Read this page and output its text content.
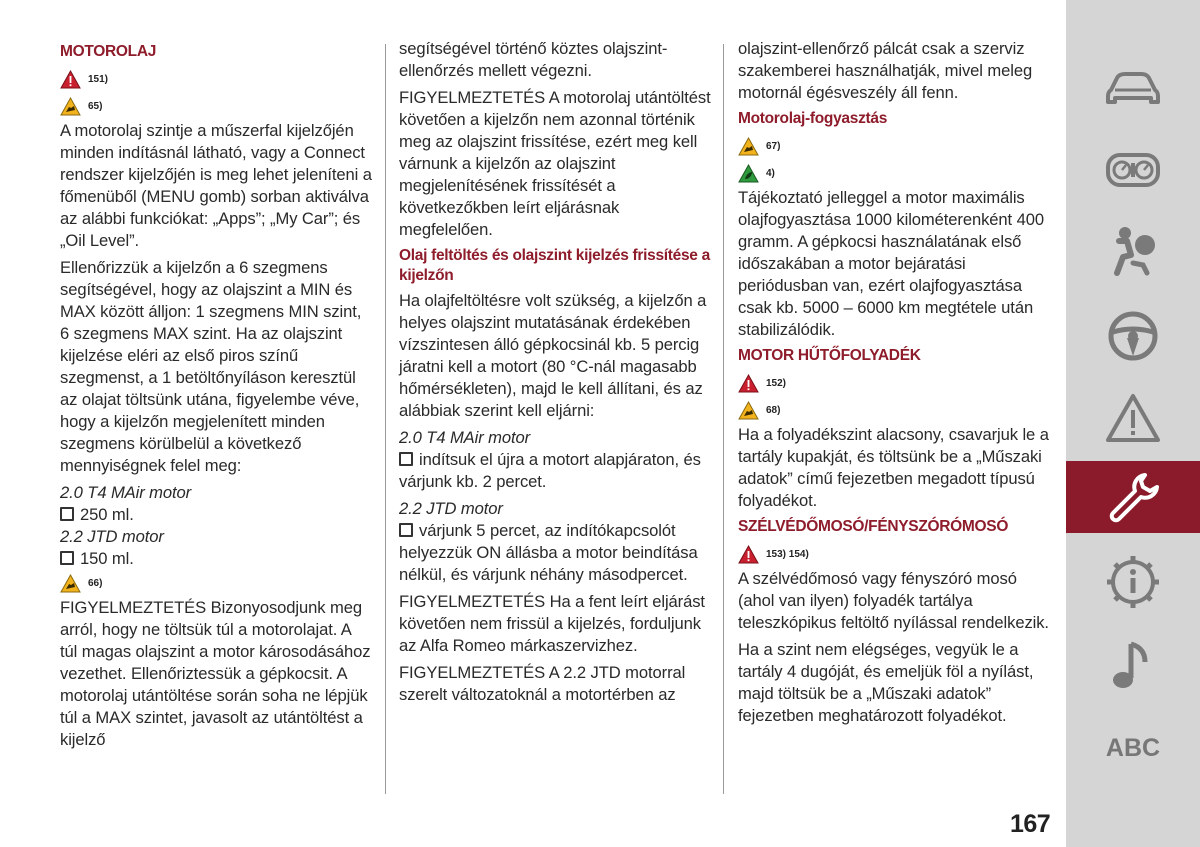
MOTOROLAJ
151)
65)

A motorolaj szintje a műszerfal kijelzőjén minden indításnál látható, vagy a Connect rendszer kijelzőjén is meg lehet jeleníteni a főmenüből (MENU gomb) sorban aktiválva az alábbi funkciókat: „Apps”; „My Car”; és „Oil Level”.

Ellenőrizzük a kijelzőn a 6 szegmens segítségével, hogy az olajszint a MIN és MAX között álljon: 1 szegmens MIN szint, 6 szegmens MAX szint. Ha az olajszint kijelzése eléri az első piros színű szegmenst, a 1 betöltőnyíláson keresztül az olajat töltsünk utána, figyelembe véve, hogy a kijelzőn megjelenített minden szegmens körülbelül a következő mennyiségnek felel meg:

2.0 T4 MAir motor

250 ml.

2.2 JTD motor

150 ml.

66)

FIGYELMEZTETÉS Bizonyosodjunk meg arról, hogy ne töltsük túl a motorolajat. A túl magas olajszint a motor károsodásához vezethet. Ellenőriztessük a gépkocsit. A motorolaj utántöltése során soha ne lépjük túl a MAX szintet, javasolt az utántöltést a kijelző

segítségével történő köztes olajszint-ellenőrzés mellett végezni.

FIGYELMEZTETÉS A motorolaj utántöltést követően a kijelzőn nem azonnal történik meg az olajszint frissítése, ezért meg kell várnunk a kijelzőn az olajszint megjelenítésének frissítését a következőkben leírt eljárásnak megfelelően.

Olaj feltöltés és olajszint kijelzés frissítése a kijelzőn

Ha olajfeltöltésre volt szükség, a kijelzőn a helyes olajszint mutatásának érdekében vízszintesen álló gépkocsinál kb. 5 percig járatni kell a motort (80 °C-nál magasabb hőmérsékleten), majd le kell állítani, és az alábbiak szerint kell eljárni:

2.0 T4 MAir motor

indítsuk el újra a motort alapjáraton, és várjunk kb. 2 percet.

2.2 JTD motor

várjunk 5 percet, az indítókapcsolót helyezzük ON állásba a motor beindítása nélkül, és várjunk néhány másodpercet.

FIGYELMEZTETÉS Ha a fent leírt eljárást követően nem frissül a kijelzés, forduljunk az Alfa Romeo márkaszervizhez.

FIGYELMEZTETÉS A 2.2 JTD motorral szerelt változatoknál a motortérben az

olajszint-ellenőrző pálcát csak a szerviz szakemberei használhatják, mivel meleg motornál égésveszély áll fenn.

Motorolaj-fogyasztás
67)
4)

Tájékoztató jelleggel a motor maximális olajfogyasztása 1000 kilométerenként 400 gramm. A gépkocsi használatának első időszakában a motor bejáratási periódusban van, ezért olajfogyasztása csak kb. 5000 – 6000 km megtétele után stabilizálódik.

MOTOR HŰTŐFOLYADÉK
152)
68)

Ha a folyadékszint alacsony, csavarjuk le a tartály kupakját, és töltsünk be a „Műszaki adatok” című fejezetben megadott típusú folyadékot.

SZÉLVÉDŐMOSÓ/FÉNYSZÓRÓMOSÓ
153) 154)

A szélvédőmosó vagy fényszóró mosó (ahol van ilyen) folyadék tartálya teleszkópikus feltöltő nyílással rendelkezik.

Ha a szint nem elégséges, vegyük le a tartály 4 dugóját, és emeljük föl a nyílást, majd töltsük be a „Műszaki adatok” fejezetben meghatározott folyadékot.

ABC
167
